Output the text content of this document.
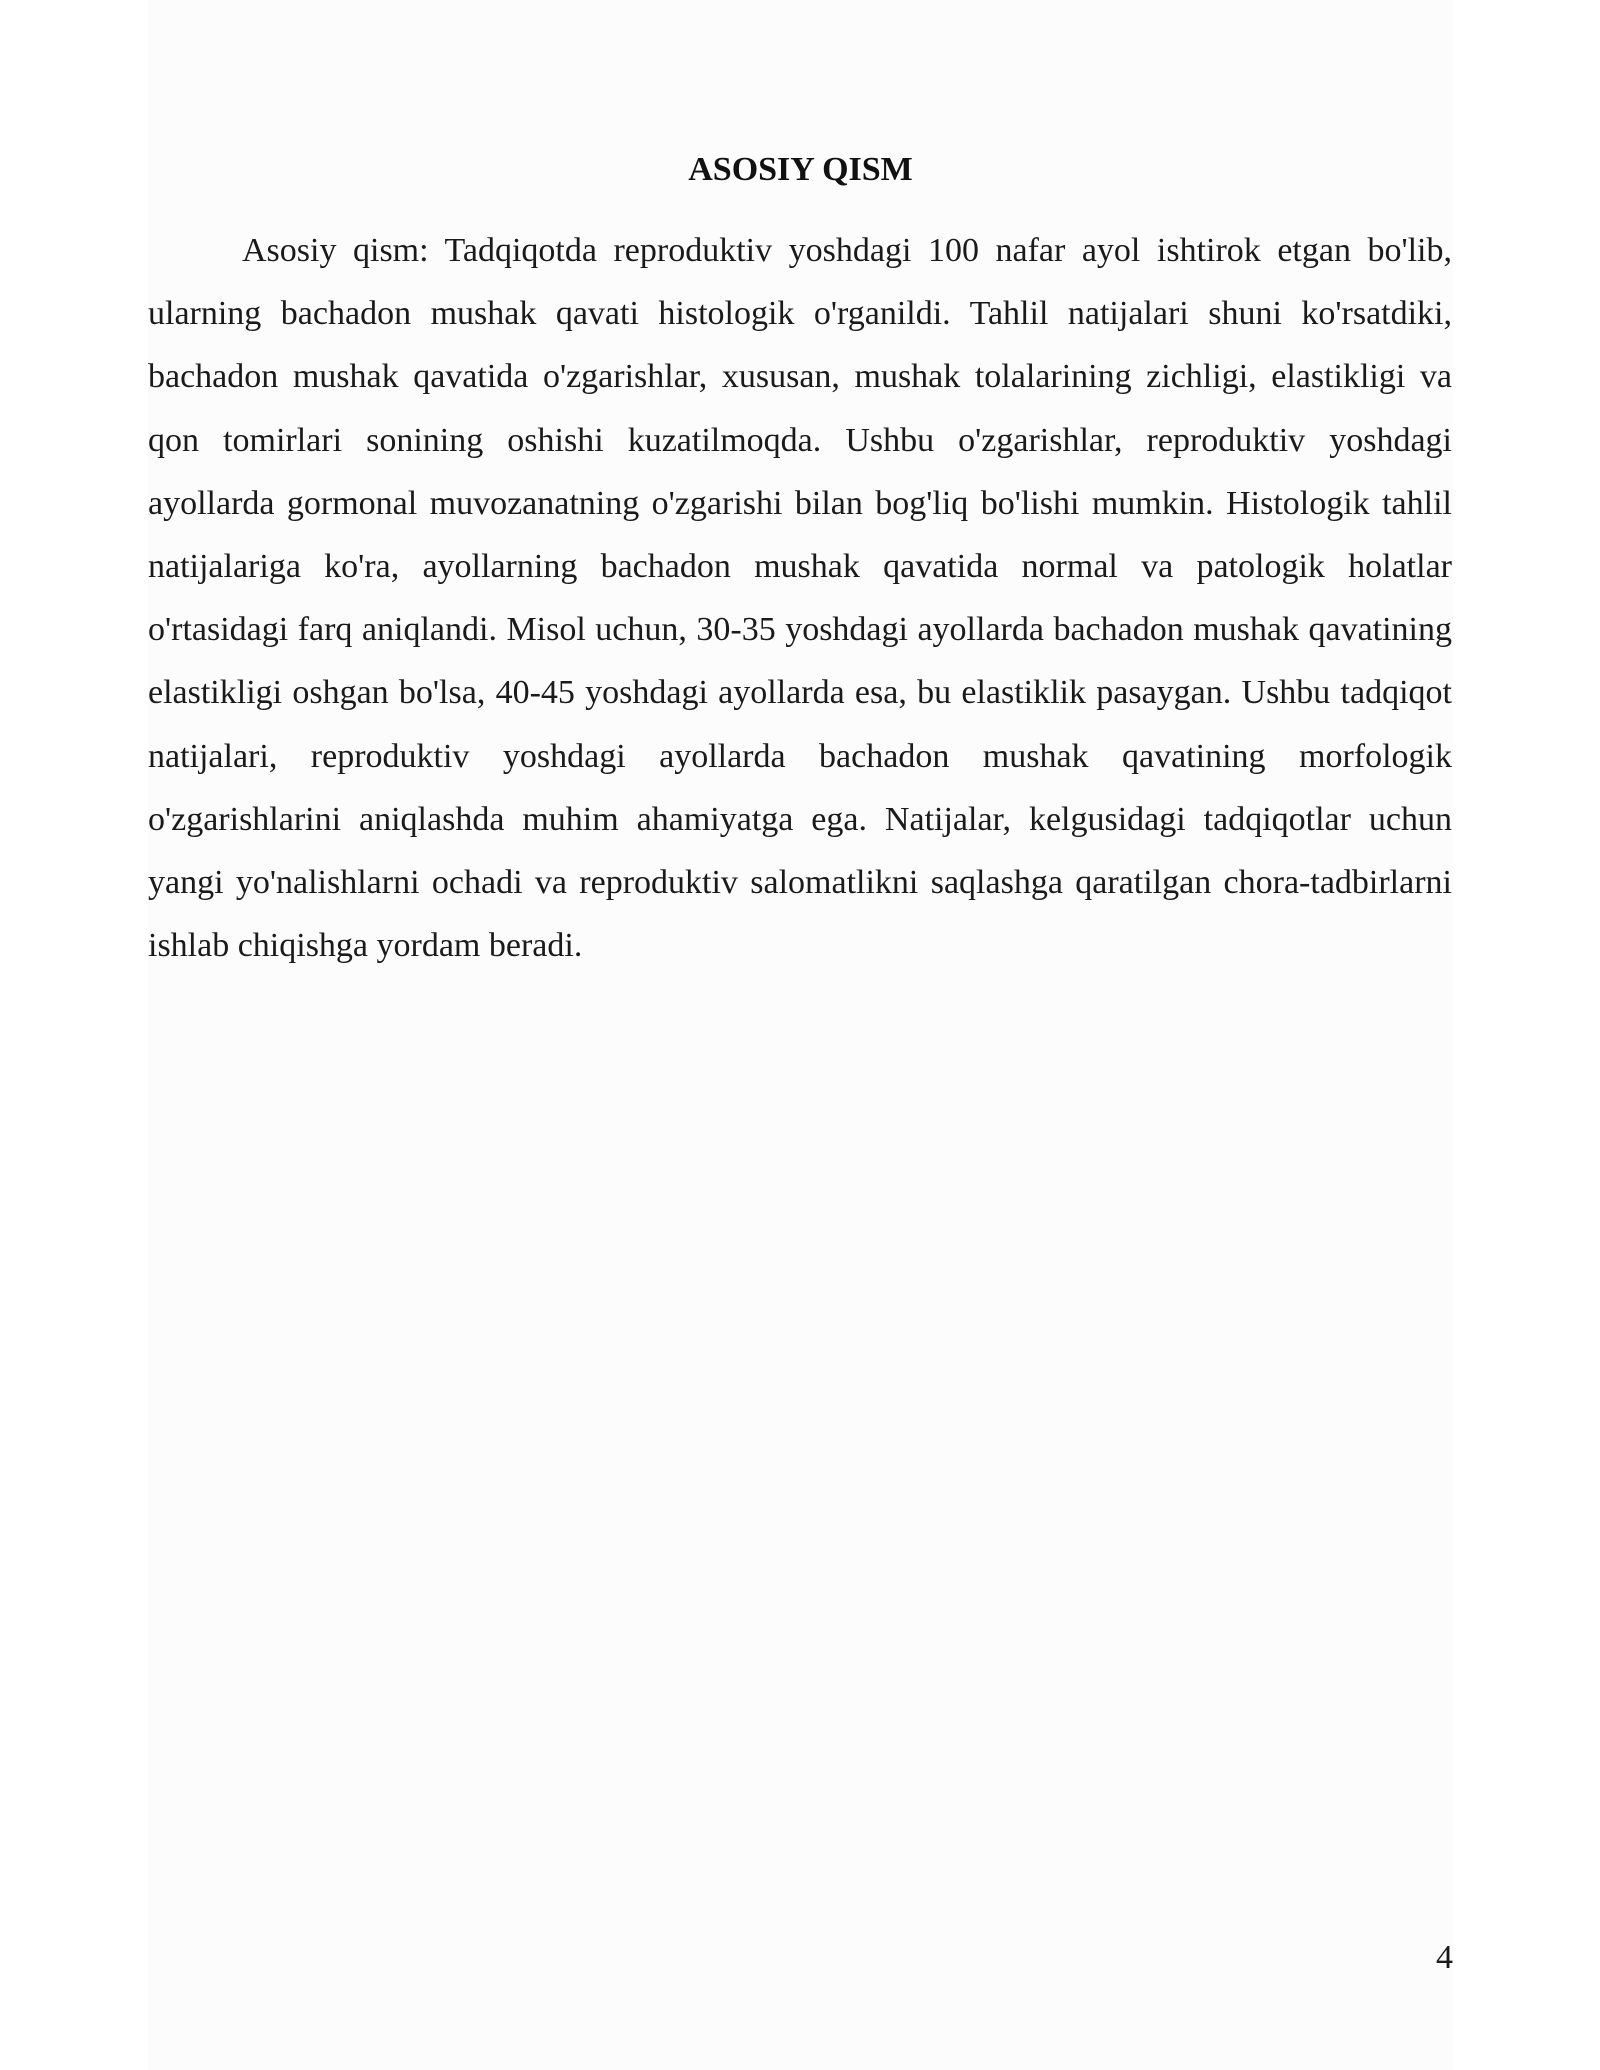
ASOSIY QISM

Asosiy qism: Tadqiqotda reproduktiv yoshdagi 100 nafar ayol ishtirok etgan bo'lib, ularning bachadon mushak qavati histologik o'rganildi. Tahlil natijalari shuni ko'rsatdiki, bachadon mushak qavatida o'zgarishlar, xususan, mushak tolalarining zichligi, elastikligi va qon tomirlari sonining oshishi kuzatilmoqda. Ushbu o'zgarishlar, reproduktiv yoshdagi ayollarda gormonal muvozanatning o'zgarishi bilan bog'liq bo'lishi mumkin. Histologik tahlil natijalariga ko'ra, ayollarning bachadon mushak qavatida normal va patologik holatlar o'rtasidagi farq aniqlandi. Misol uchun, 30-35 yoshdagi ayollarda bachadon mushak qavatining elastikligi oshgan bo'lsa, 40-45 yoshdagi ayollarda esa, bu elastiklik pasaygan. Ushbu tadqiqot natijalari, reproduktiv yoshdagi ayollarda bachadon mushak qavatining morfologik o'zgarishlarini aniqlashda muhim ahamiyatga ega. Natijalar, kelgusidagi tadqiqotlar uchun yangi yo'nalishlarni ochadi va reproduktiv salomatlikni saqlashga qaratilgan chora-tadbirlarni ishlab chiqishga yordam beradi.

4
